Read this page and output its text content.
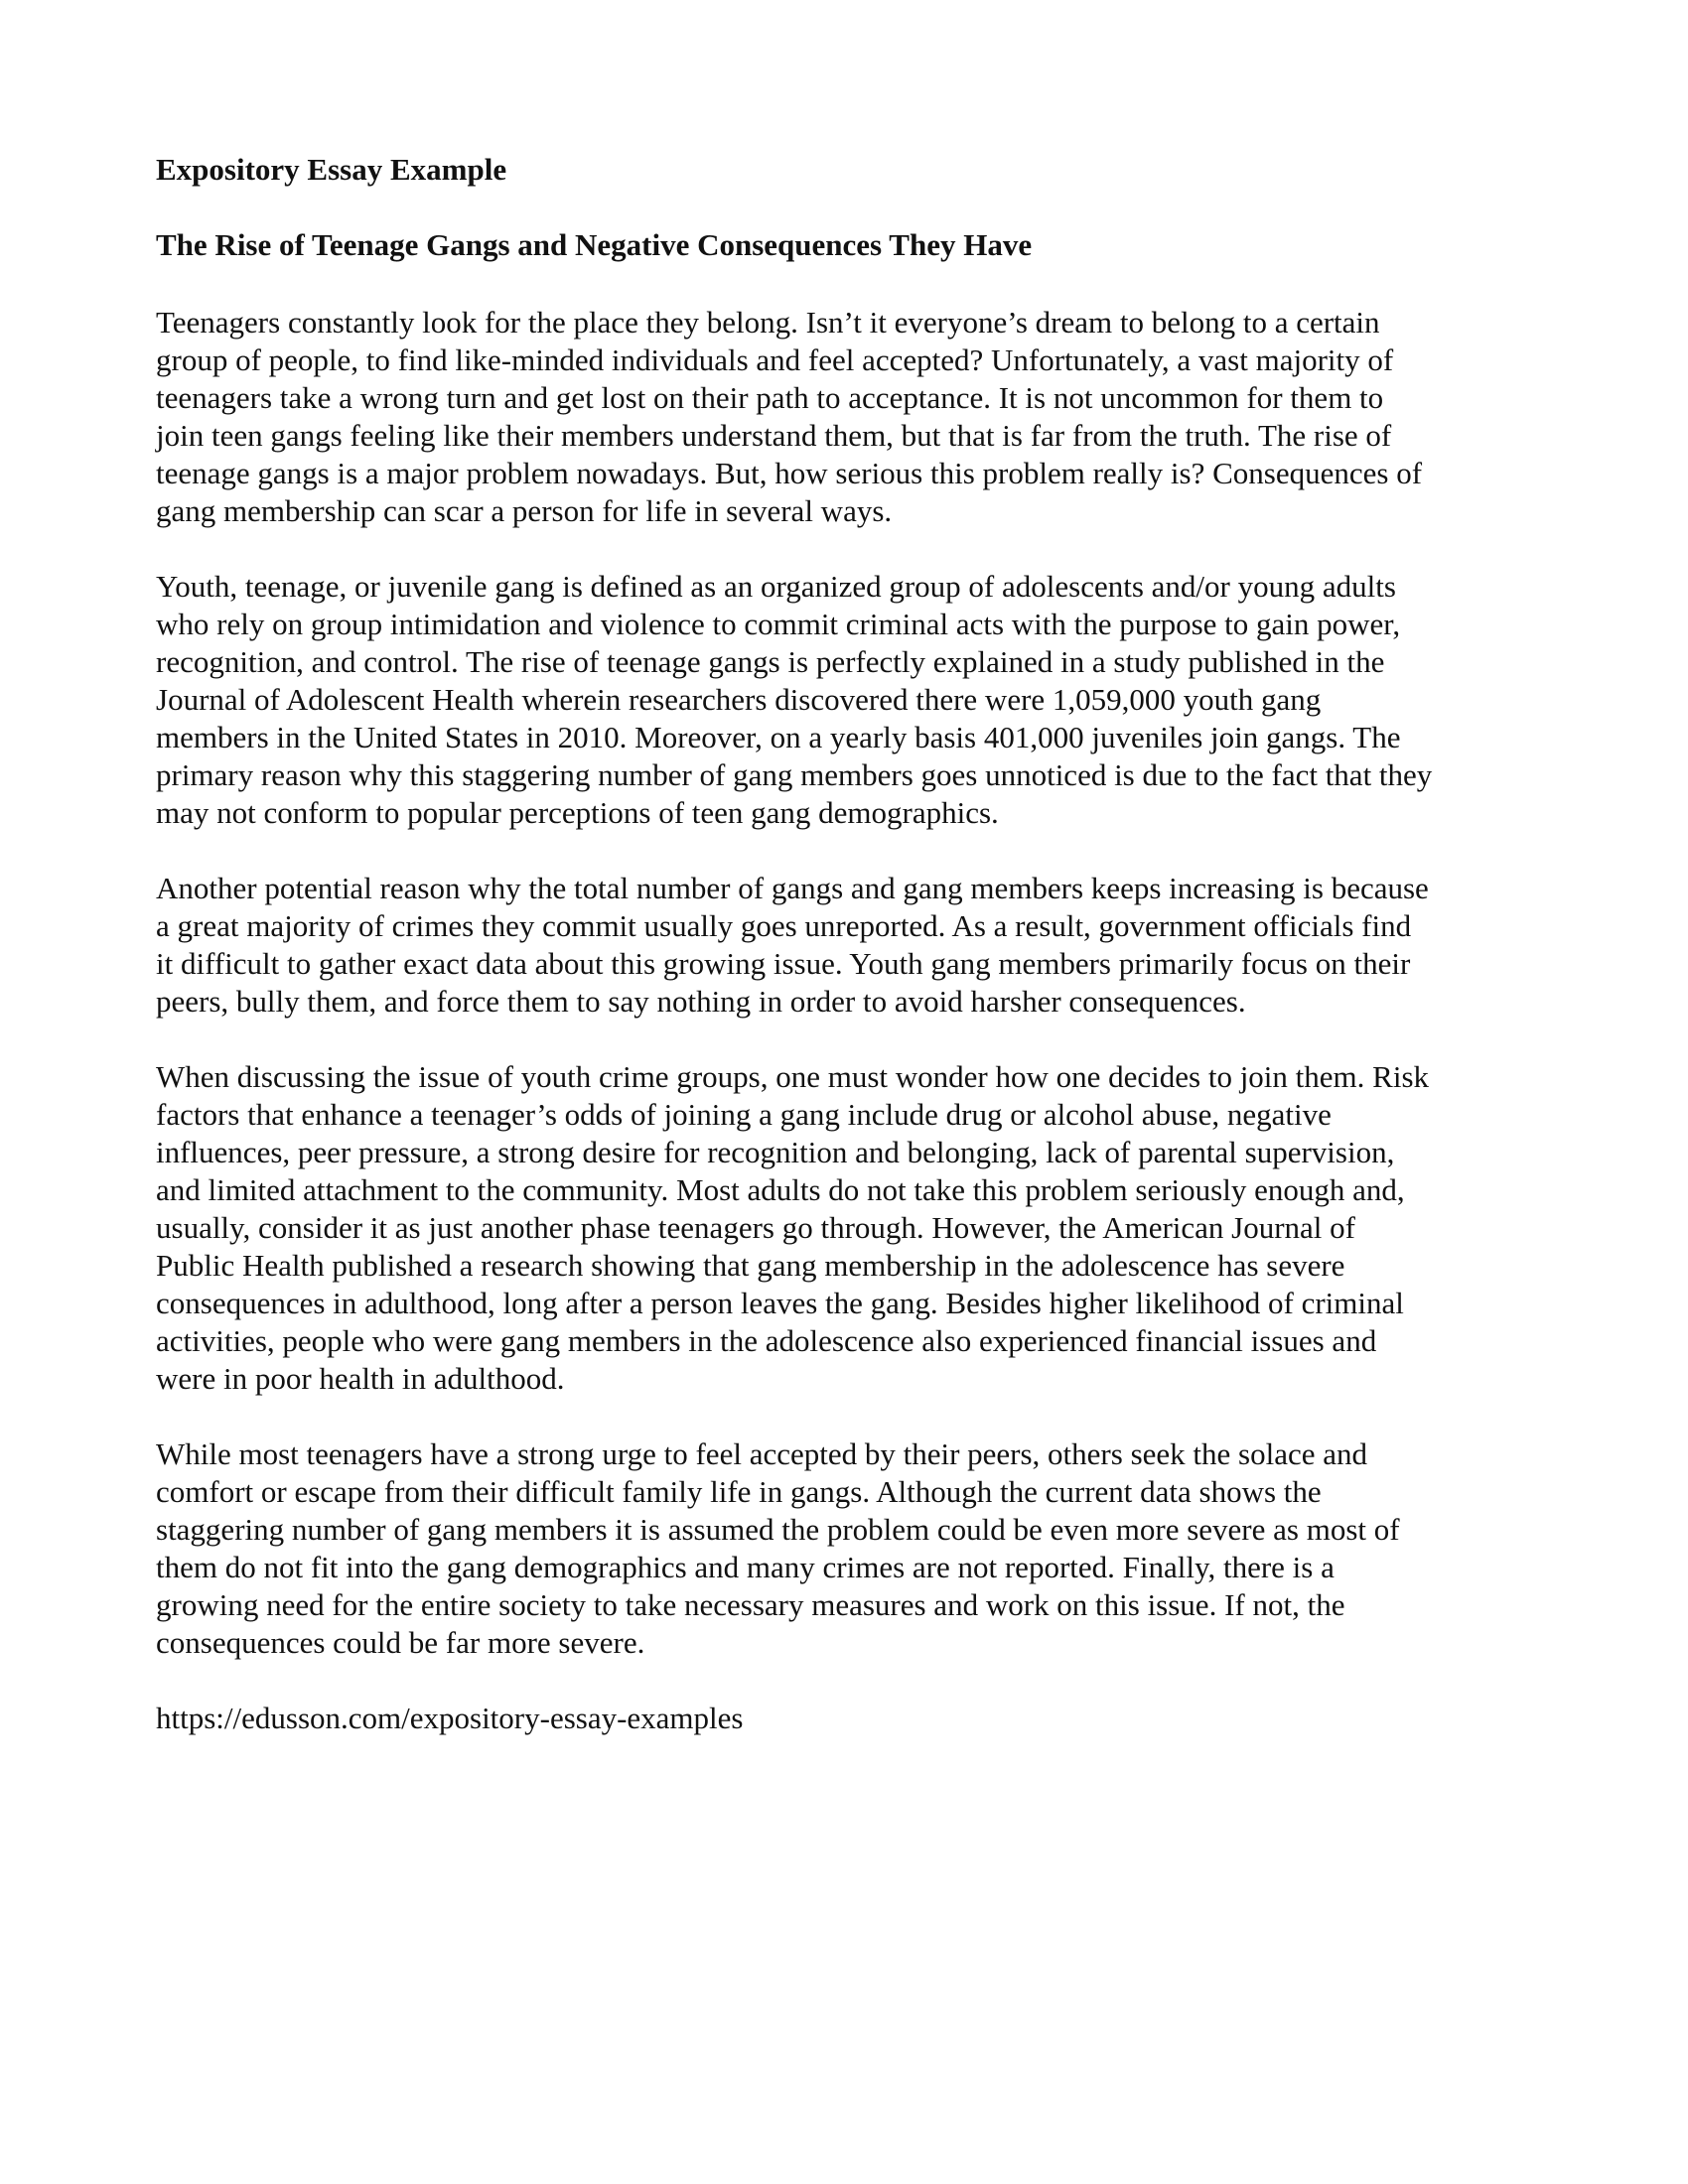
Expository Essay Example
The Rise of Teenage Gangs and Negative Consequences They Have
Teenagers constantly look for the place they belong. Isn’t it everyone’s dream to belong to a certain
group of people, to find like-minded individuals and feel accepted? Unfortunately, a vast majority of
teenagers take a wrong turn and get lost on their path to acceptance. It is not uncommon for them to
join teen gangs feeling like their members understand them, but that is far from the truth. The rise of
teenage gangs is a major problem nowadays. But, how serious this problem really is? Consequences of
gang membership can scar a person for life in several ways.
Youth, teenage, or juvenile gang is defined as an organized group of adolescents and/or young adults
who rely on group intimidation and violence to commit criminal acts with the purpose to gain power,
recognition, and control. The rise of teenage gangs is perfectly explained in a study published in the
Journal of Adolescent Health wherein researchers discovered there were 1,059,000 youth gang
members in the United States in 2010. Moreover, on a yearly basis 401,000 juveniles join gangs. The
primary reason why this staggering number of gang members goes unnoticed is due to the fact that they
may not conform to popular perceptions of teen gang demographics.
Another potential reason why the total number of gangs and gang members keeps increasing is because
a great majority of crimes they commit usually goes unreported. As a result, government officials find
it difficult to gather exact data about this growing issue. Youth gang members primarily focus on their
peers, bully them, and force them to say nothing in order to avoid harsher consequences.
When discussing the issue of youth crime groups, one must wonder how one decides to join them. Risk
factors that enhance a teenager’s odds of joining a gang include drug or alcohol abuse, negative
influences, peer pressure, a strong desire for recognition and belonging, lack of parental supervision,
and limited attachment to the community. Most adults do not take this problem seriously enough and,
usually, consider it as just another phase teenagers go through. However, the American Journal of
Public Health published a research showing that gang membership in the adolescence has severe
consequences in adulthood, long after a person leaves the gang. Besides higher likelihood of criminal
activities, people who were gang members in the adolescence also experienced financial issues and
were in poor health in adulthood.
While most teenagers have a strong urge to feel accepted by their peers, others seek the solace and
comfort or escape from their difficult family life in gangs. Although the current data shows the
staggering number of gang members it is assumed the problem could be even more severe as most of
them do not fit into the gang demographics and many crimes are not reported. Finally, there is a
growing need for the entire society to take necessary measures and work on this issue. If not, the
consequences could be far more severe.
https://edusson.com/expository-essay-examples
